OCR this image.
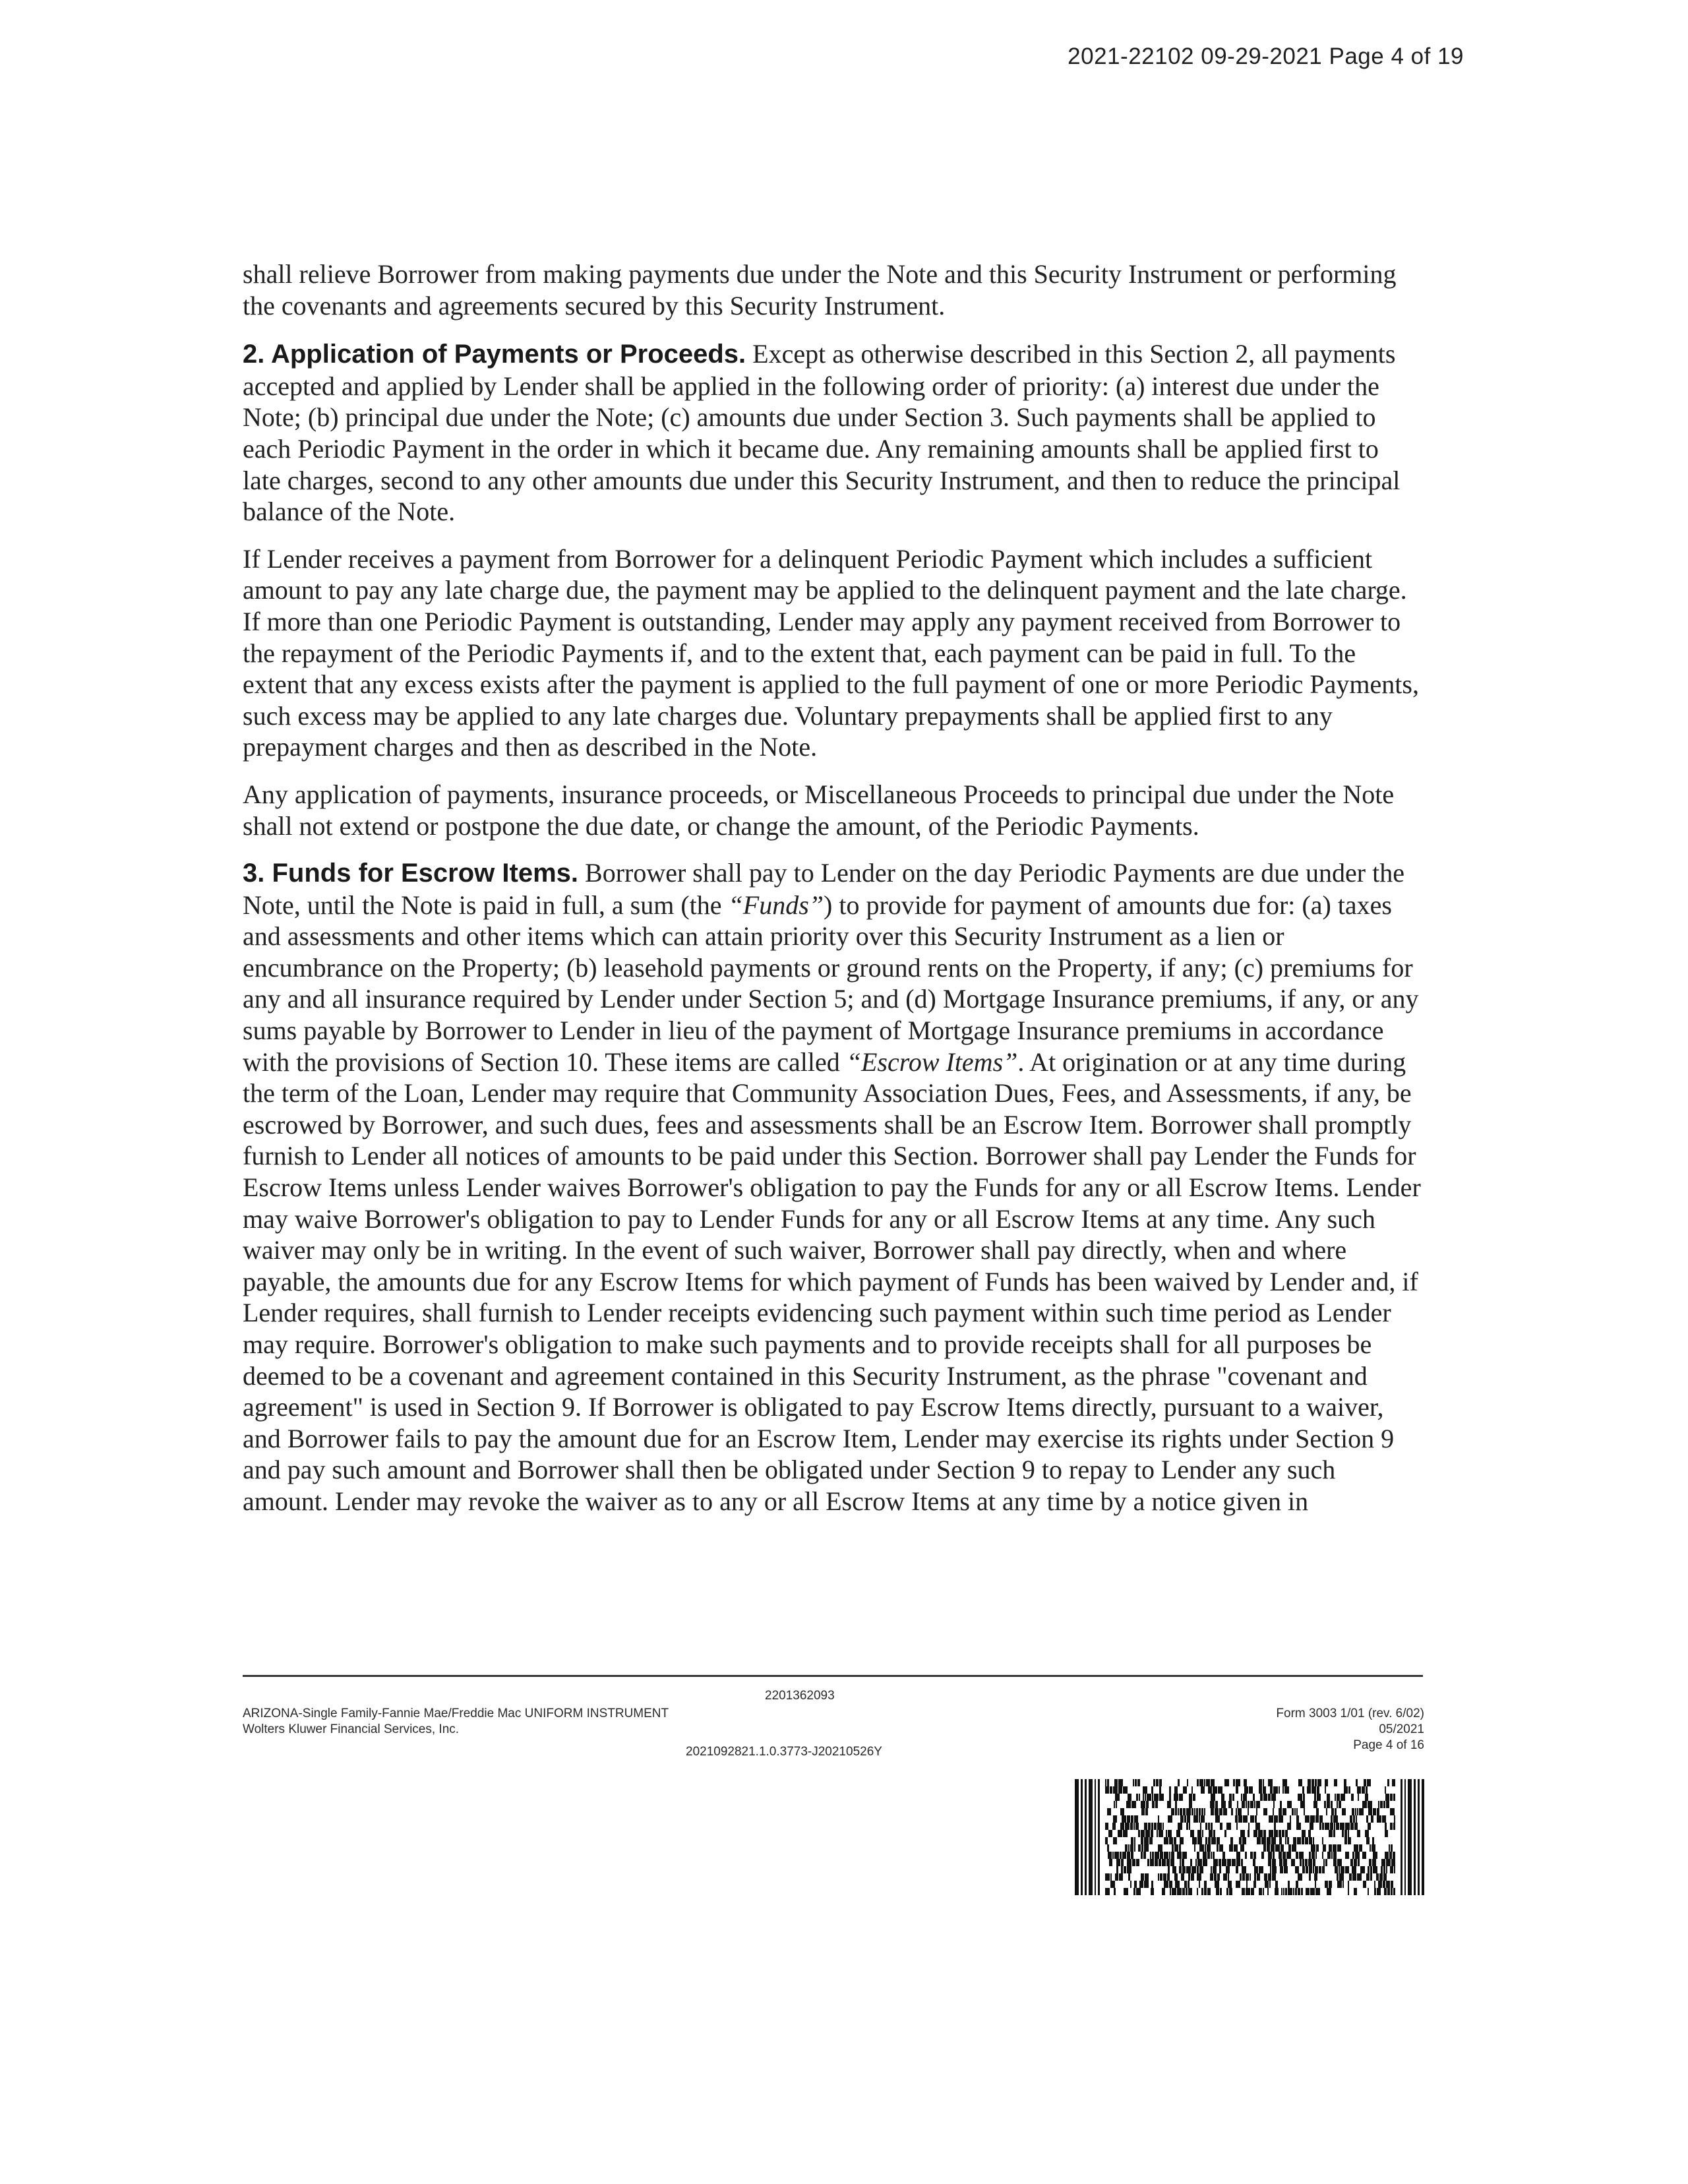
2021-22102 09-29-2021 Page 4 of 19

shall relieve Borrower from making payments due under the Note and this Security Instrument or performing the covenants and agreements secured by this Security Instrument.

2. Application of Payments or Proceeds. Except as otherwise described in this Section 2, all payments accepted and applied by Lender shall be applied in the following order of priority: (a) interest due under the Note; (b) principal due under the Note; (c) amounts due under Section 3. Such payments shall be applied to each Periodic Payment in the order in which it became due. Any remaining amounts shall be applied first to late charges, second to any other amounts due under this Security Instrument, and then to reduce the principal balance of the Note.

If Lender receives a payment from Borrower for a delinquent Periodic Payment which includes a sufficient amount to pay any late charge due, the payment may be applied to the delinquent payment and the late charge. If more than one Periodic Payment is outstanding, Lender may apply any payment received from Borrower to the repayment of the Periodic Payments if, and to the extent that, each payment can be paid in full. To the extent that any excess exists after the payment is applied to the full payment of one or more Periodic Payments, such excess may be applied to any late charges due. Voluntary prepayments shall be applied first to any prepayment charges and then as described in the Note.

Any application of payments, insurance proceeds, or Miscellaneous Proceeds to principal due under the Note shall not extend or postpone the due date, or change the amount, of the Periodic Payments.

3. Funds for Escrow Items. Borrower shall pay to Lender on the day Periodic Payments are due under the Note, until the Note is paid in full, a sum (the “Funds”) to provide for payment of amounts due for: (a) taxes and assessments and other items which can attain priority over this Security Instrument as a lien or encumbrance on the Property; (b) leasehold payments or ground rents on the Property, if any; (c) premiums for any and all insurance required by Lender under Section 5; and (d) Mortgage Insurance premiums, if any, or any sums payable by Borrower to Lender in lieu of the payment of Mortgage Insurance premiums in accordance with the provisions of Section 10. These items are called “Escrow Items”. At origination or at any time during the term of the Loan, Lender may require that Community Association Dues, Fees, and Assessments, if any, be escrowed by Borrower, and such dues, fees and assessments shall be an Escrow Item. Borrower shall promptly furnish to Lender all notices of amounts to be paid under this Section. Borrower shall pay Lender the Funds for Escrow Items unless Lender waives Borrower's obligation to pay the Funds for any or all Escrow Items. Lender may waive Borrower's obligation to pay to Lender Funds for any or all Escrow Items at any time. Any such waiver may only be in writing. In the event of such waiver, Borrower shall pay directly, when and where payable, the amounts due for any Escrow Items for which payment of Funds has been waived by Lender and, if Lender requires, shall furnish to Lender receipts evidencing such payment within such time period as Lender may require. Borrower's obligation to make such payments and to provide receipts shall for all purposes be deemed to be a covenant and agreement contained in this Security Instrument, as the phrase "covenant and agreement" is used in Section 9. If Borrower is obligated to pay Escrow Items directly, pursuant to a waiver, and Borrower fails to pay the amount due for an Escrow Item, Lender may exercise its rights under Section 9 and pay such amount and Borrower shall then be obligated under Section 9 to repay to Lender any such amount. Lender may revoke the waiver as to any or all Escrow Items at any time by a notice given in

2201362093
ARIZONA-Single Family-Fannie Mae/Freddie Mac UNIFORM INSTRUMENT
Wolters Kluwer Financial Services, Inc.
2021092821.1.0.3773-J20210526Y
Form 3003 1/01 (rev. 6/02)
05/2021
Page 4 of 16
